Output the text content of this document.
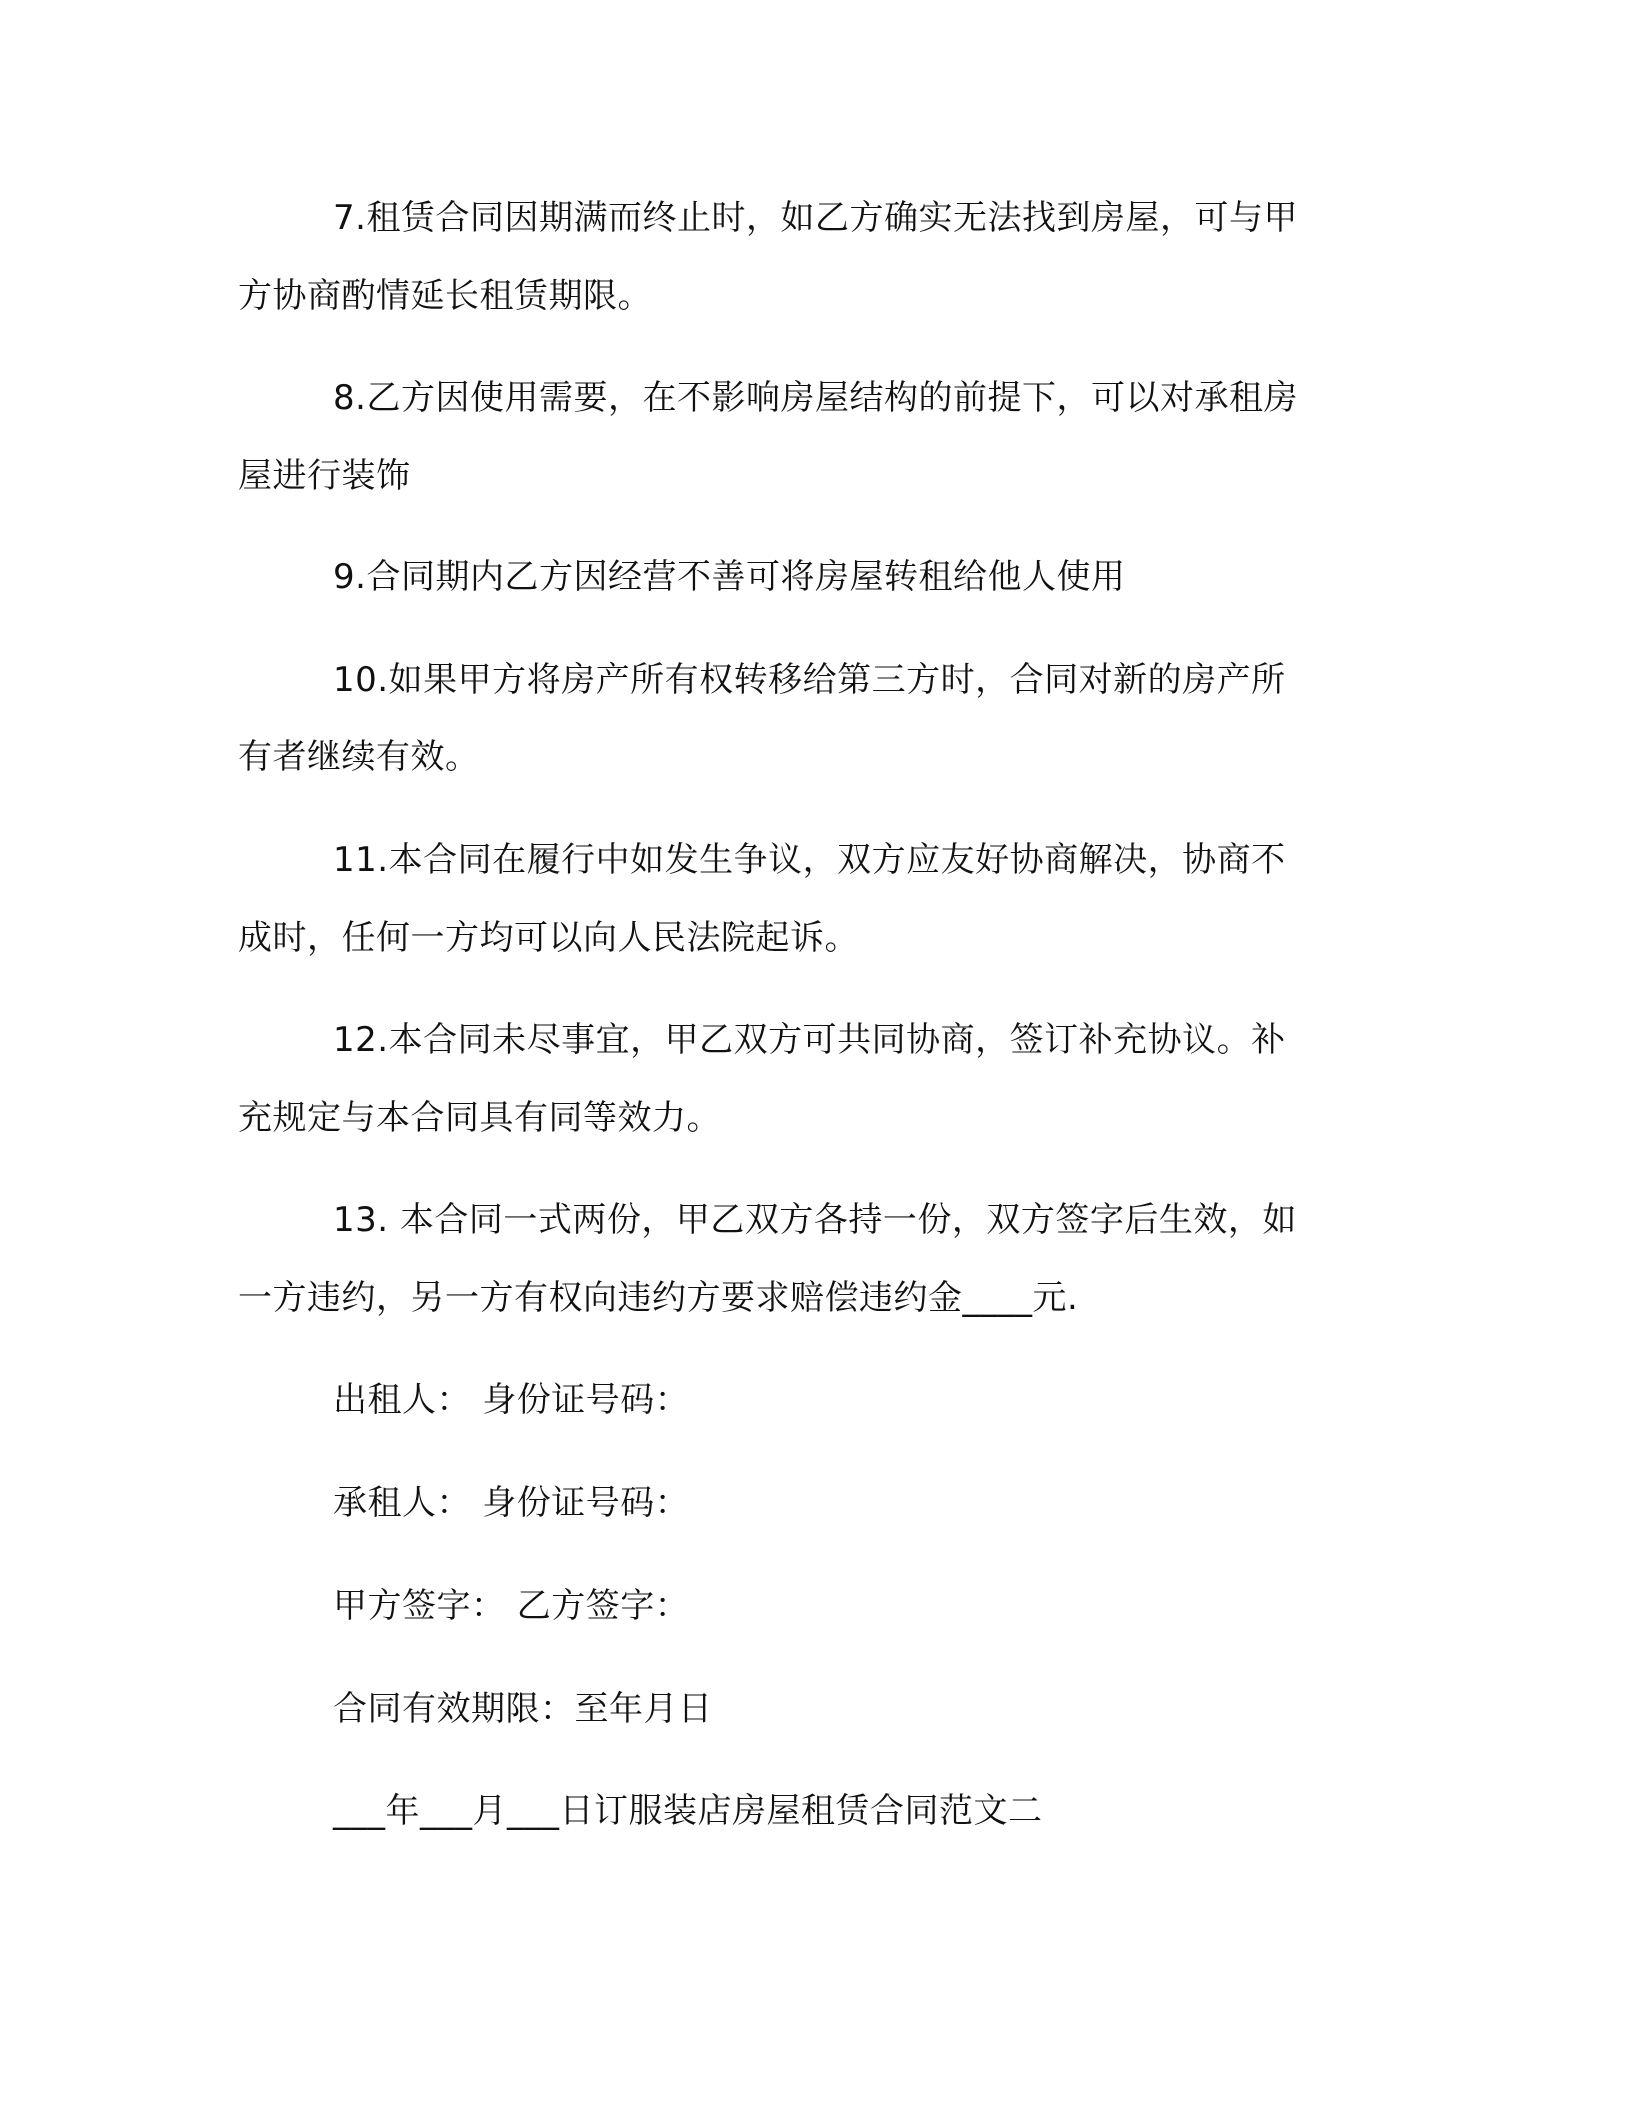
7.租赁合同因期满而终止时，如乙方确实无法找到房屋，可与甲
方协商酌情延长租赁期限。
8.乙方因使用需要，在不影响房屋结构的前提下，可以对承租房
屋进行装饰
9.合同期内乙方因经营不善可将房屋转租给他人使用
10.如果甲方将房产所有权转移给第三方时，合同对新的房产所
有者继续有效。
11.本合同在履行中如发生争议，双方应友好协商解决，协商不
成时，任何一方均可以向人民法院起诉。
12.本合同未尽事宜，甲乙双方可共同协商，签订补充协议。补
充规定与本合同具有同等效力。
13. 本合同一式两份，甲乙双方各持一份，双方签字后生效，如
一方违约，另一方有权向违约方要求赔偿违约金____元.
出租人： 身份证号码：
承租人： 身份证号码：
甲方签字： 乙方签字：
合同有效期限：至年月日
___年___月___日订服装店房屋租赁合同范文二
